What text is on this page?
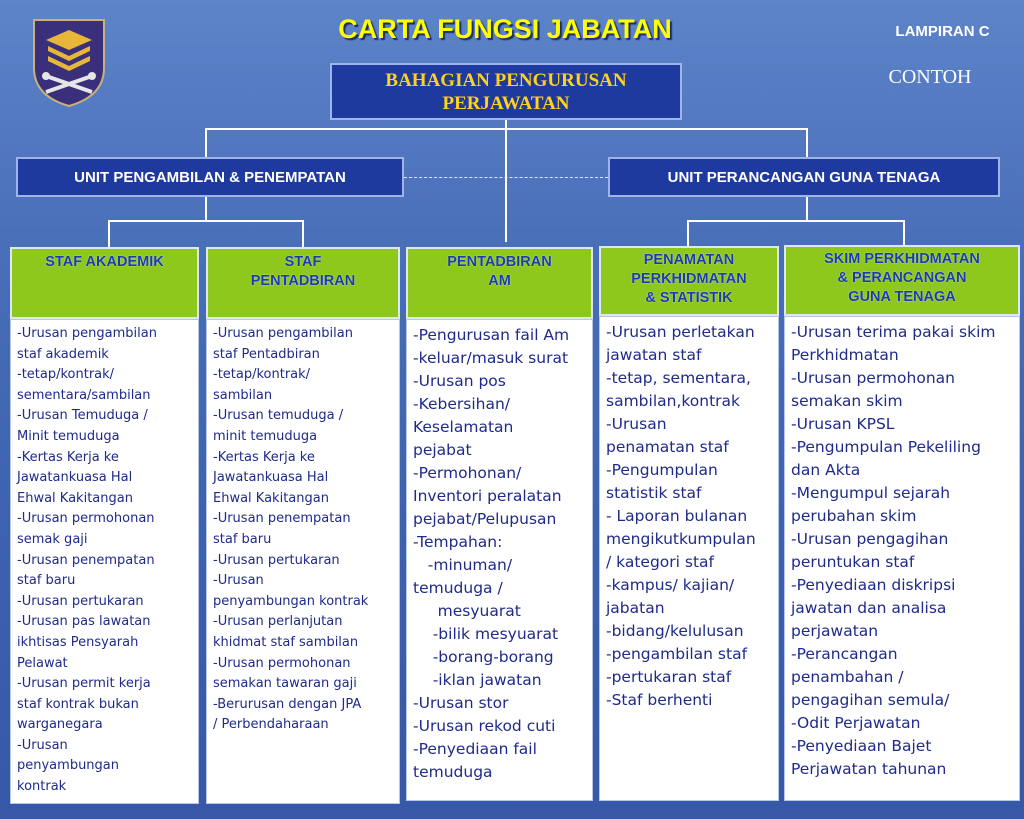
CARTA FUNGSI JABATAN	LAMPIRAN C
CONTOH
BAHAGIAN PENGURUSAN
PERJAWATAN
UNIT PENGAMBILAN & PENEMPATAN	UNIT PERANCANGAN GUNA TENAGA
STAF AKADEMIK
-Urusan pengambilan
staf akademik
-tetap/kontrak/
sementara/sambilan
-Urusan Temuduga /
Minit temuduga
-Kertas Kerja ke
Jawatankuasa Hal
Ehwal Kakitangan
-Urusan permohonan
semak gaji
-Urusan penempatan
staf baru
-Urusan pertukaran
-Urusan pas lawatan
ikhtisas Pensyarah
Pelawat
-Urusan permit kerja
staf kontrak bukan
warganegara
-Urusan
penyambungan
kontrak
STAF
PENTADBIRAN
-Urusan pengambilan
staf Pentadbiran
-tetap/kontrak/
sambilan
-Urusan temuduga /
minit temuduga
-Kertas Kerja ke
Jawatankuasa Hal
Ehwal Kakitangan
-Urusan penempatan
staf baru
-Urusan pertukaran
-Urusan
penyambungan kontrak
-Urusan perlanjutan
khidmat staf sambilan
-Urusan permohonan
semakan tawaran gaji
-Berurusan dengan JPA
/ Perbendaharaan
PENTADBIRAN
AM
-Pengurusan fail Am
-keluar/masuk surat
-Urusan pos
-Kebersihan/
Keselamatan
pejabat
-Permohonan/
Inventori peralatan
pejabat/Pelupusan
-Tempahan:
-minuman/
temuduga /
mesyuarat
-bilik mesyuarat
-borang-borang
-iklan jawatan
-Urusan stor
-Urusan rekod cuti
-Penyediaan fail
temuduga
PENAMATAN
PERKHIDMATAN
& STATISTIK
-Urusan perletakan
jawatan staf
-tetap, sementara,
sambilan,kontrak
-Urusan
penamatan staf
-Pengumpulan
statistik staf
- Laporan bulanan
mengikutkumpulan
/ kategori staf
-kampus/ kajian/
jabatan
-bidang/kelulusan
-pengambilan staf
-pertukaran staf
-Staf berhenti
SKIM PERKHIDMATAN
& PERANCANGAN
GUNA TENAGA
-Urusan terima pakai skim
Perkhidmatan
-Urusan permohonan
semakan skim
-Urusan KPSL
-Pengumpulan Pekeliling
dan Akta
-Mengumpul sejarah
perubahan skim
-Urusan pengagihan
peruntukan staf
-Penyediaan diskripsi
jawatan dan analisa
perjawatan
-Perancangan
penambahan /
pengagihan semula/
-Odit Perjawatan
-Penyediaan Bajet
Perjawatan tahunan
